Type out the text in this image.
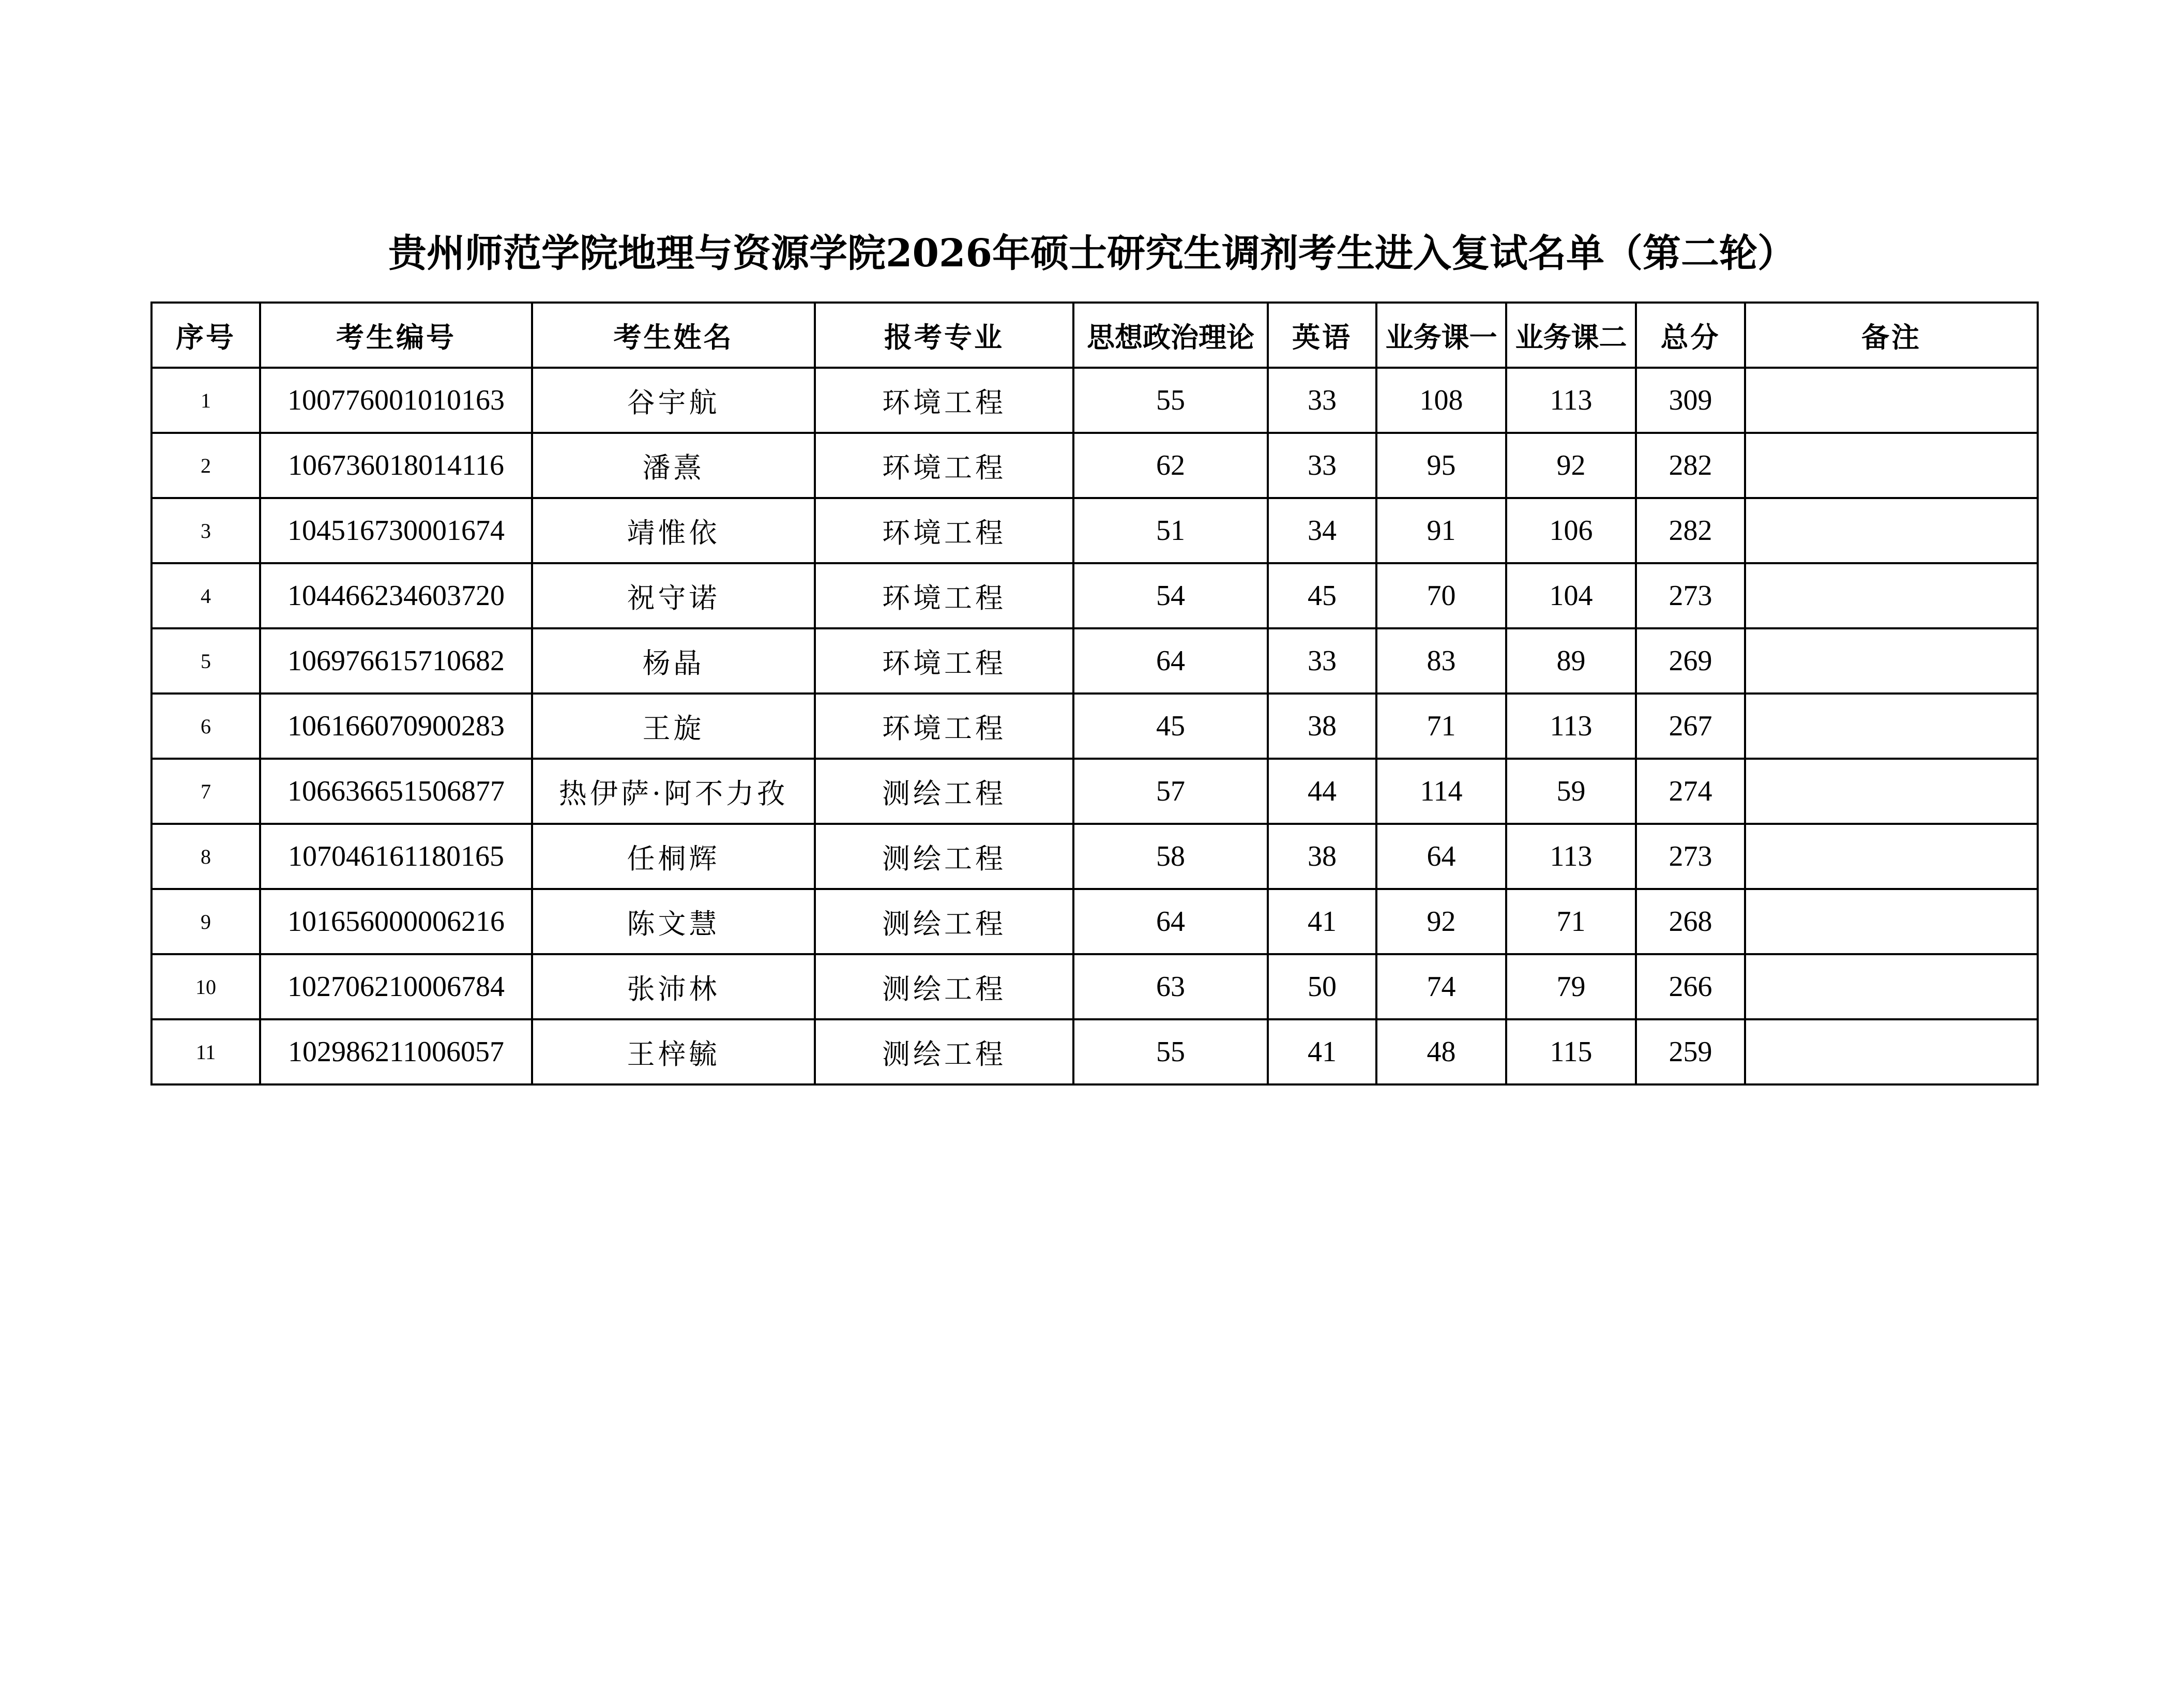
贵州师范学院地理与资源学院2026年硕士研究生调剂考生进入复试名单（第二轮）
序号	考生编号	考生姓名	报考专业	思想政治理论	英语	业务课一	业务课二	总分	备注
1	100776001010163	谷宇航	环境工程	55	33	108	113	309	
2	106736018014116	潘熹	环境工程	62	33	95	92	282	
3	104516730001674	靖惟依	环境工程	51	34	91	106	282	
4	104466234603720	祝守诺	环境工程	54	45	70	104	273	
5	106976615710682	杨晶	环境工程	64	33	83	89	269	
6	106166070900283	王旋	环境工程	45	38	71	113	267	
7	106636651506877	热伊萨·阿不力孜	测绘工程	57	44	114	59	274	
8	107046161180165	任桐辉	测绘工程	58	38	64	113	273	
9	101656000006216	陈文慧	测绘工程	64	41	92	71	268	
10	102706210006784	张沛林	测绘工程	63	50	74	79	266	
11	102986211006057	王梓毓	测绘工程	55	41	48	115	259	
